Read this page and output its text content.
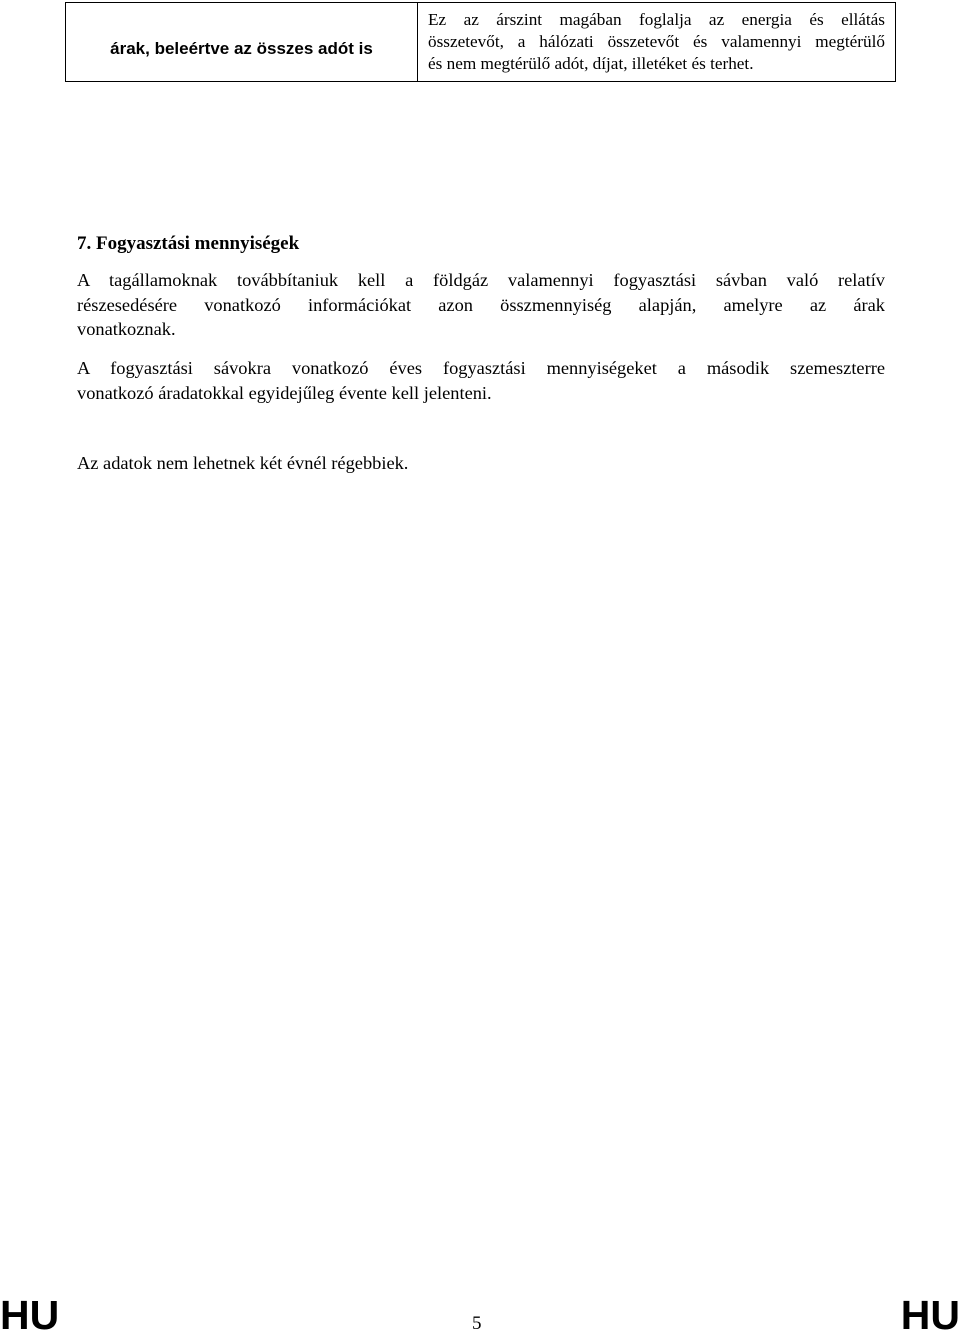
árak, beleértve az összes adót is	
Ez az árszint magában foglalja az energia és ellátás
összetevőt, a hálózati összetevőt és valamennyi megtérülő
és nem megtérülő adót, díjat, illetéket és terhet.
7. Fogyasztási mennyiségek

A tagállamoknak továbbítaniuk kell a földgáz valamennyi fogyasztási sávban való relatív
részesedésére vonatkozó információkat azon összmennyiség alapján, amelyre az árak
vonatkoznak.

A fogyasztási sávokra vonatkozó éves fogyasztási mennyiségeket a második szemeszterre
vonatkozó áradatokkal egyidejűleg évente kell jelenteni.

Az adatok nem lehetnek két évnél régebbiek.

HU	5	HU
